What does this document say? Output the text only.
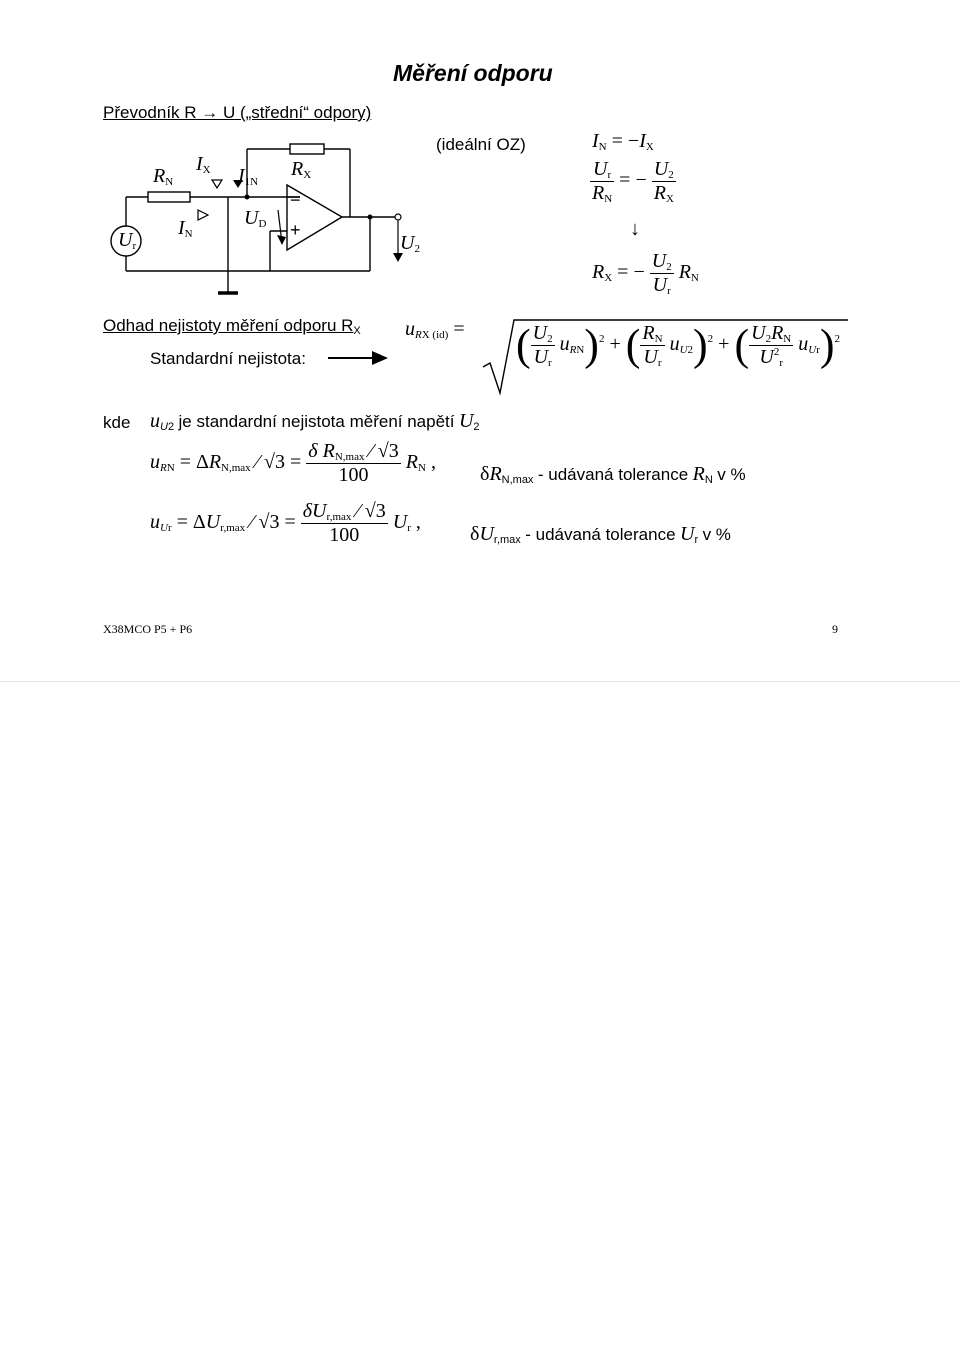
Měření odporu
Převodník R → U („střední“ odpory)
$U_r$
$R_N$
$I_X$ $I_{1N}$
$R_X$
$I_N$
$U_D$
−
+
$U_2$
(ideální OZ)	$I_N = -I_X$
$\frac{U_r}{R_N}$ = − $\frac{U_2}{R_X}$
↓
$R_X$ = − $\frac{U_2}{U_r} R_N$
Odhad nejistoty měření odporu $R_X$
Standardní nejistota:
$uR_{X (id)}$ = ( $\frac{U_2}{U_r} uR_N)^2$ + ( $\frac{R_N}{U_r} uU_2)^2$ + ( $\frac{U_2R_N}{U^2_r} uU_r)^2$
kde $uU_2$ je standardní nejistota měření napětí $U_2$
$uR_N = \Delta R_{N,max}$ ⁄ $√3 = \frac{\delta R_{N,max} ⁄ √3}{100} R_N$ ,
$\delta R_{N,max}$ - udávaná tolerance $R_N$ v %
$uU_r = \Delta U_{r,max}$ ⁄ $√3 = \frac{\delta U_{r,max} ⁄ √3}{100} U_r$ ,
$\delta U_{r,max}$ - udávaná tolerance $U_r$ v %
X38MCO P5 + P6	9
